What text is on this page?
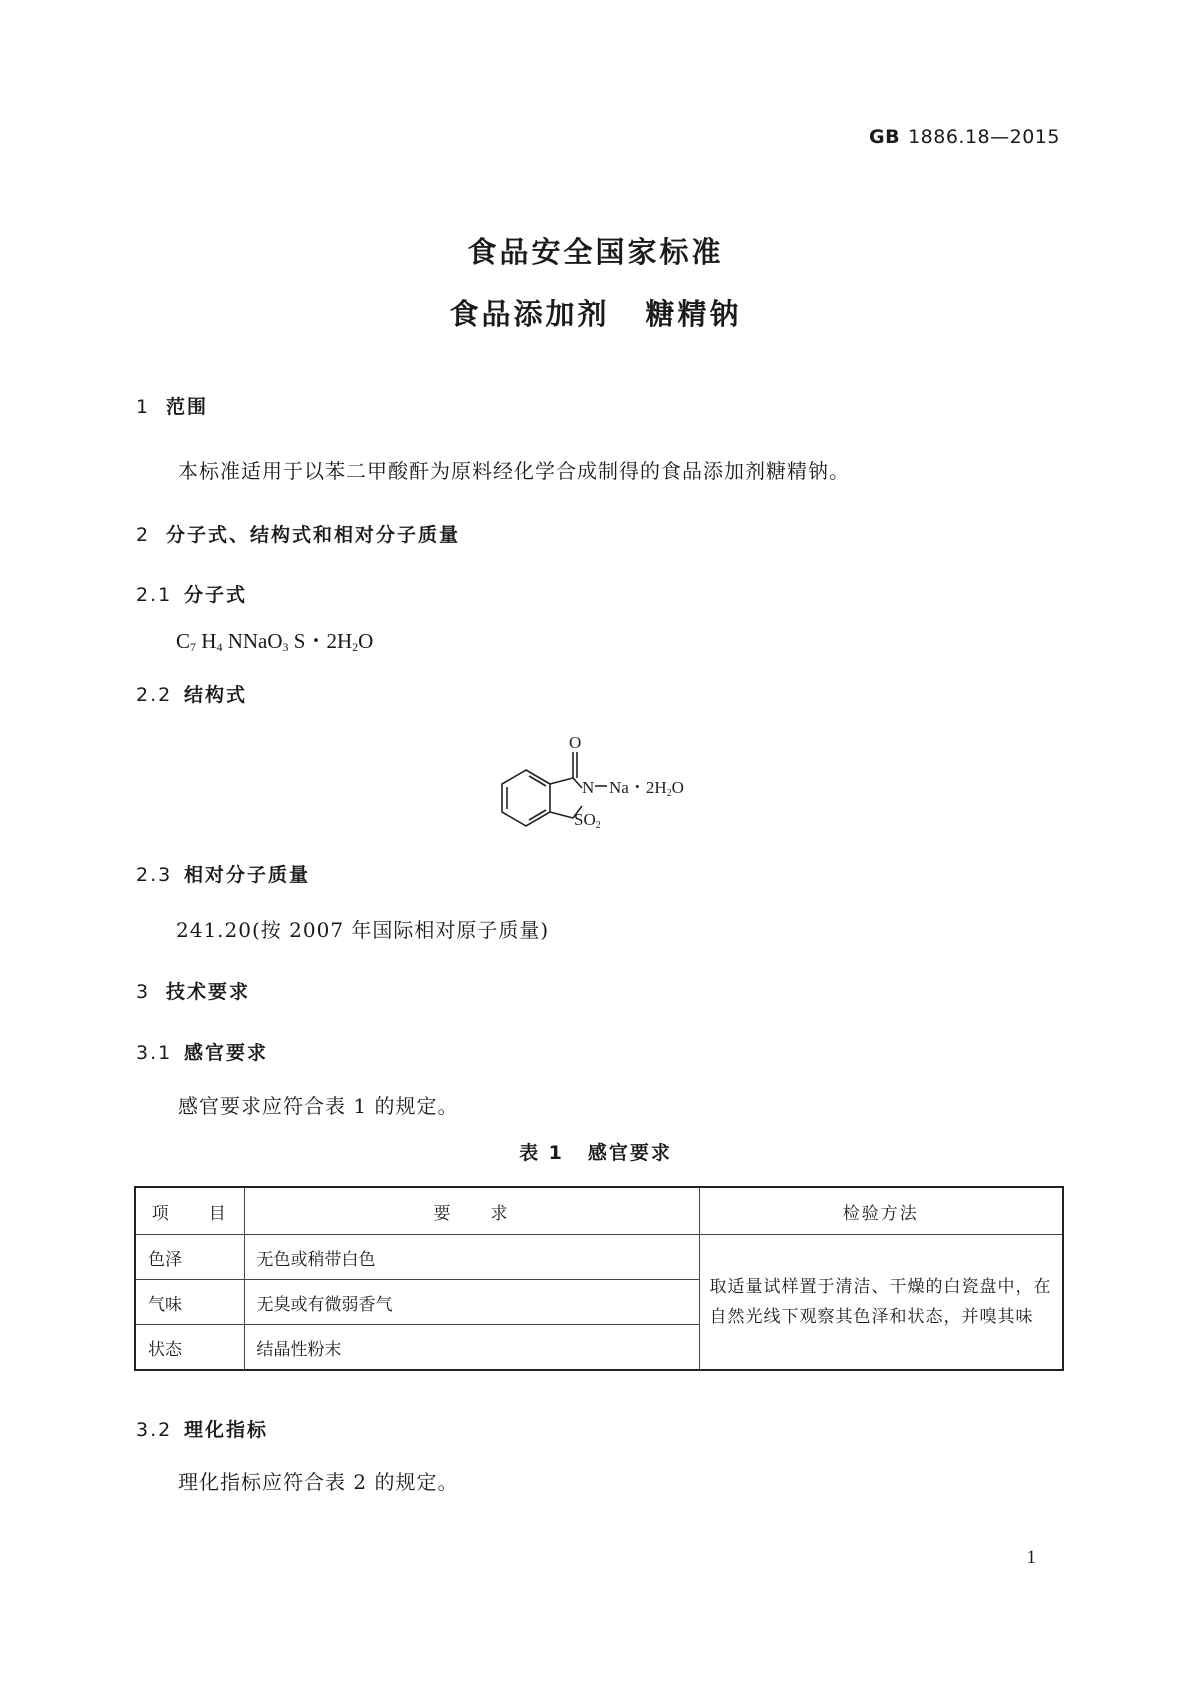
GB 1886.18—2015
食品安全国家标准
食品添加剂 糖精钠
1 范围
本标准适用于以苯二甲酸酐为原料经化学合成制得的食品添加剂糖精钠。
2 分子式、结构式和相对分子质量
2.1 分子式
$C_7$ $H_4$ NNaO$_3$ S・$2H_2O$
2.2 结构式
O
N Na・2H2O
SO2
2.3 相对分子质量
241.20(按 2007 年国际相对原子质量)
3 技术要求
3.1 感官要求
感官要求应符合表 1 的规定。
表 1 感官要求
项　　目	要　　求	检验方法
色泽	无色或稍带白色	取适量试样置于清洁、干燥的白瓷盘中，在
自然光线下观察其色泽和状态，并嗅其味

气味	无臭或有微弱香气	
状态	结晶性粉末	
3.2 理化指标
理化指标应符合表 2 的规定。
1
